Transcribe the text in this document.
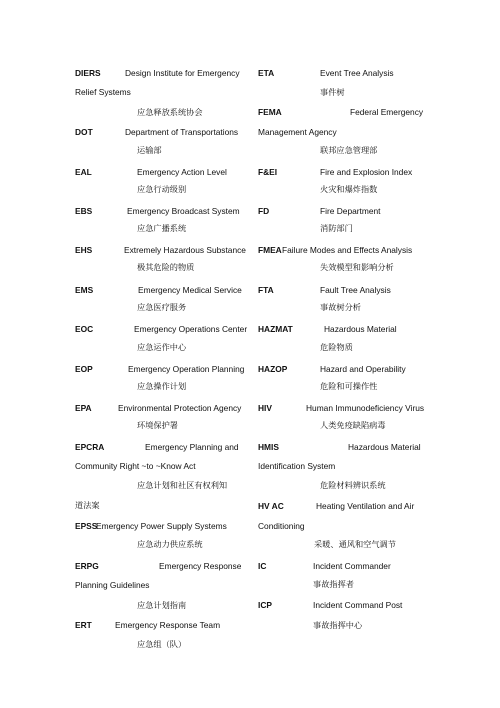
DIERS	Design Institute for Emergency
Relief Systems
应急释放系统协会
DOT	Department of Transportations
运输部
EAL	Emergency Action Level
应急行动级别
EBS	Emergency Broadcast System
应急广播系统
EHS	Extremely Hazardous Substance
极其危险的物质
EMS	Emergency Medical Service
应急医疗服务
EOC	Emergency Operations Center
应急运作中心
EOP	Emergency Operation Planning
应急操作计划
EPA	Environmental Protection Agency
环境保护署
EPCRA	Emergency Planning and
Community Right ~to ~Know Act
应急计划和社区有权利知
道法案
EPSS
Emergency Power Supply Systems
应急动力供应系统
ERPG	Emergency Response
Planning Guidelines
应急计划指南
ERT	Emergency Response Team
应急组（队）
ETA	Event Tree Analysis
事件树
FEMA	Federal Emergency
Management Agency
联邦应急管理部
F&EI	Fire and Explosion Index
火灾和爆炸指数
FD	Fire Department
消防部门
FMEA Failure Modes and Effects Analysis
失效模型和影响分析
FTA	Fault Tree Analysis
事故树分析
HAZMAT	Hazardous Material
危险物质
HAZOP	Hazard and Operability
危险和可操作性
HIV	Human Immunodeficiency Virus
人类免疫缺陷病毒
HMIS	Hazardous Material
Identification System
危险材料辨识系统
HV AC	Heating Ventilation and Air
Conditioning
采暖、通风和空气调节
IC	Incident Commander
事故指挥者
ICP	Incident Command Post
事故指挥中心
